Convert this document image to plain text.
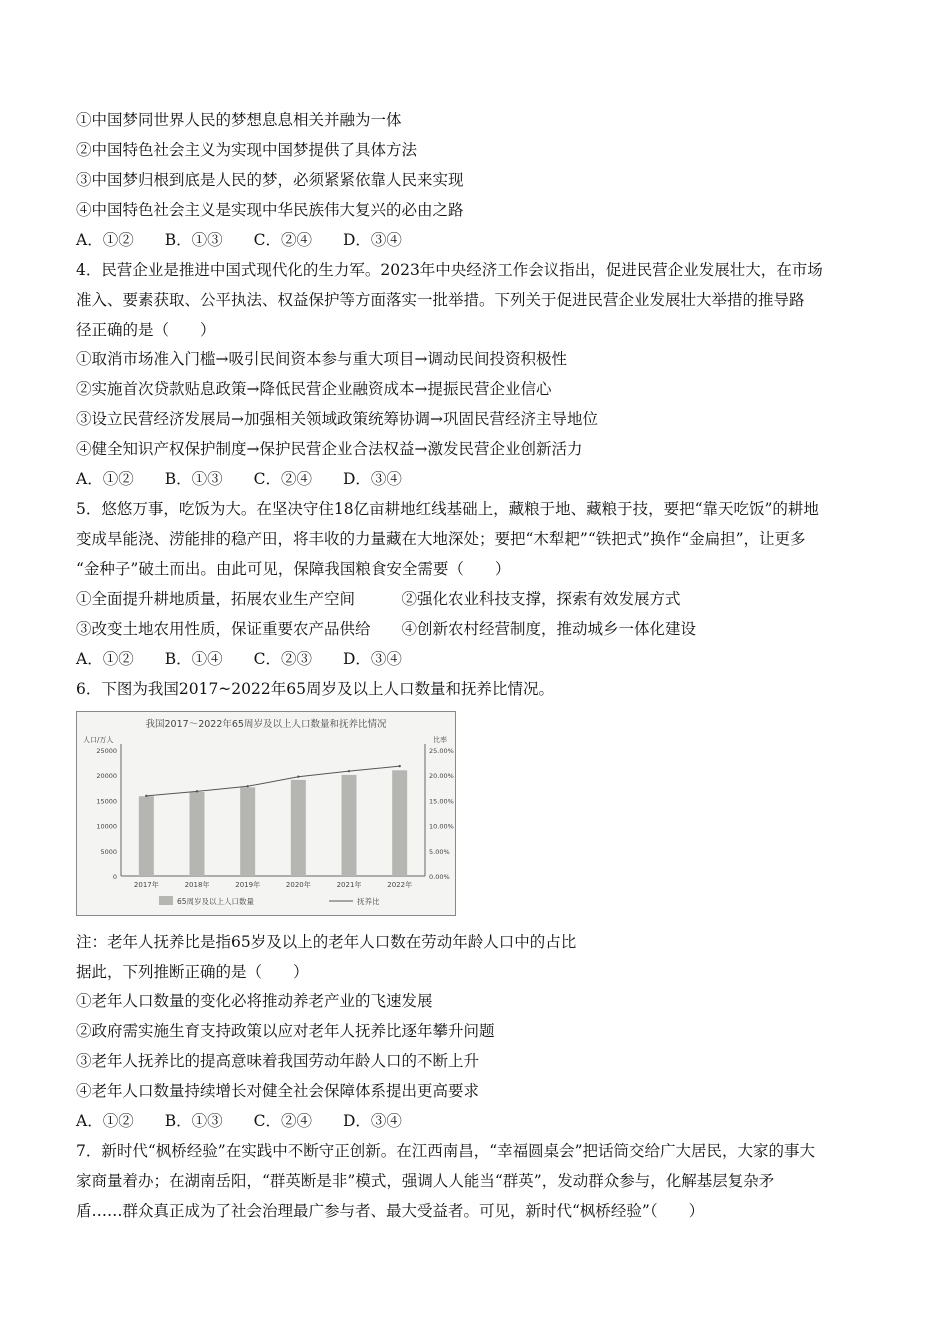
①中国梦同世界人民的梦想息息相关并融为一体
②中国特色社会主义为实现中国梦提供了具体方法
③中国梦归根到底是人民的梦，必须紧紧依靠人民来实现
④中国特色社会主义是实现中华民族伟大复兴的必由之路
A．①②　　B．①③　　C．②④　　D．③④
4．民营企业是推进中国式现代化的生力军。2023年中央经济工作会议指出，促进民营企业发展壮大，在市场
准入、要素获取、公平执法、权益保护等方面落实一批举措。下列关于促进民营企业发展壮大举措的推导路
径正确的是（　　）
①取消市场准入门槛→吸引民间资本参与重大项目→调动民间投资积极性
②实施首次贷款贴息政策→降低民营企业融资成本→提振民营企业信心
③设立民营经济发展局→加强相关领域政策统筹协调→巩固民营经济主导地位
④健全知识产权保护制度→保护民营企业合法权益→激发民营企业创新活力
A．①②　　B．①③　　C．②④　　D．③④
5．悠悠万事，吃饭为大。在坚决守住18亿亩耕地红线基础上，藏粮于地、藏粮于技，要把“靠天吃饭”的耕地
变成旱能浇、涝能排的稳产田，将丰收的力量藏在大地深处；要把“木犁耙”“铁把式”换作“金扁担”，让更多
“金种子”破土而出。由此可见，保障我国粮食安全需要（　　）
①全面提升耕地质量，拓展农业生产空间　　　②强化农业科技支撑，探索有效发展方式
③改变土地农用性质，保证重要农产品供给　　④创新农村经营制度，推动城乡一体化建设
A．①②　　B．①④　　C．②③　　D．③④
6．下图为我国2017~2022年65周岁及以上人口数量和抚养比情况。
我国2017～2022年65周岁及以上人口数量和抚养比情况
人口/万人	比率
25000
20000
15000
10000
5000
0
25.00%
20.00%
15.00%
10.00%
5.00%
0.00%
2017年	2018年	2019年	2020年	2021年	2022年
65周岁及以上人口数量	抚养比
注：老年人抚养比是指65岁及以上的老年人口数在劳动年龄人口中的占比
据此，下列推断正确的是（　　）
①老年人口数量的变化必将推动养老产业的飞速发展
②政府需实施生育支持政策以应对老年人抚养比逐年攀升问题
③老年人抚养比的提高意味着我国劳动年龄人口的不断上升
④老年人口数量持续增长对健全社会保障体系提出更高要求
A．①②　　B．①③　　C．②④　　D．③④
7．新时代“枫桥经验”在实践中不断守正创新。在江西南昌，“幸福圆桌会”把话筒交给广大居民，大家的事大
家商量着办；在湖南岳阳，“群英断是非”模式，强调人人能当“群英”，发动群众参与，化解基层复杂矛
盾……群众真正成为了社会治理最广参与者、最大受益者。可见，新时代“枫桥经验”（　　）
